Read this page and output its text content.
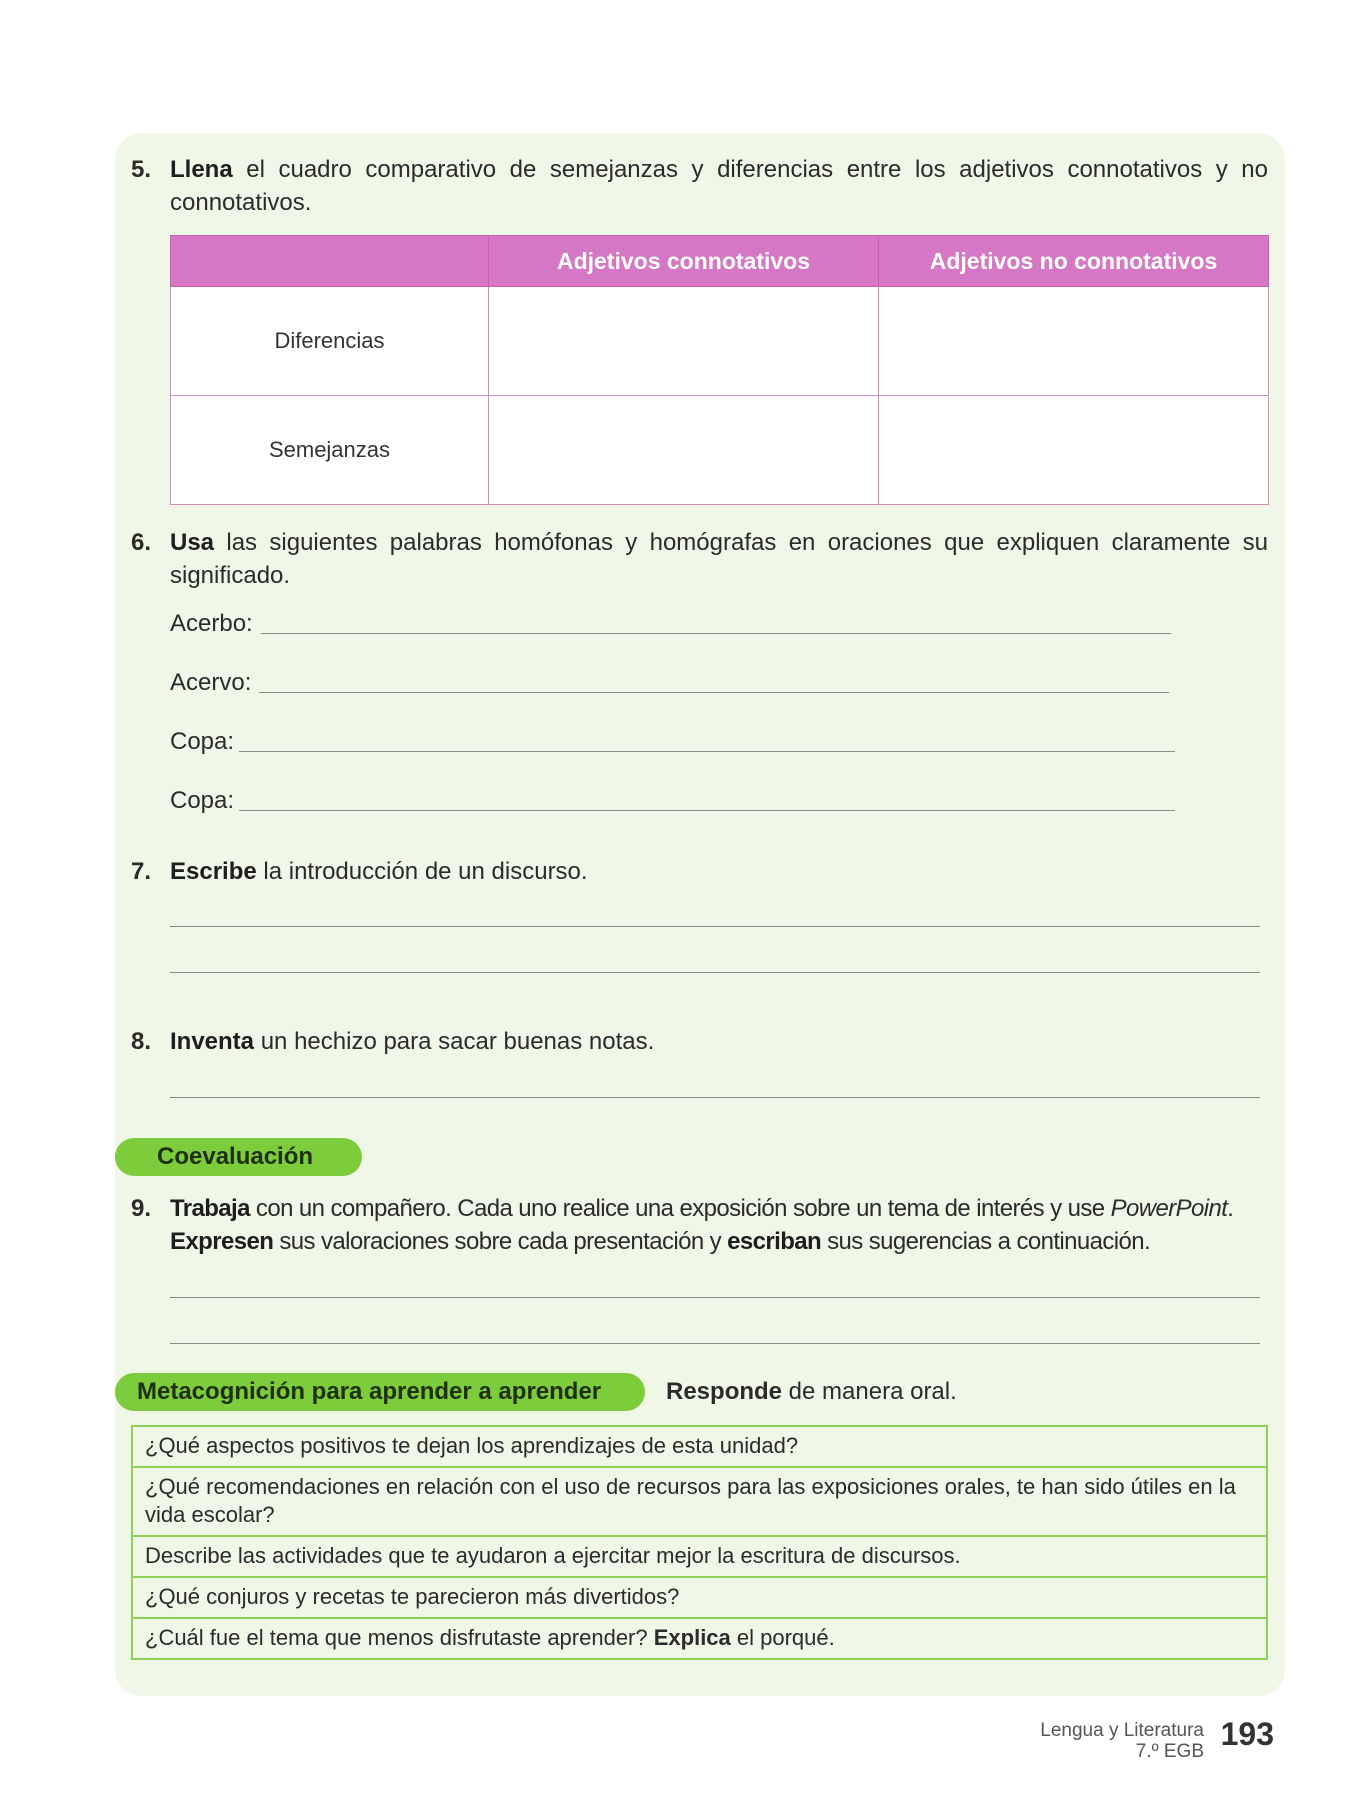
5. Llena el cuadro comparativo de semejanzas y diferencias entre los adjetivos connotativos y no connotativos.
	Adjetivos connotativos	Adjetivos no connotativos
Diferencias		
Semejanzas		
6. Usa las siguientes palabras homófonas y homógrafas en oraciones que expliquen claramente su significado.
Acerbo:
Acervo:
Copa:
Copa:
7. Escribe la introducción de un discurso.
8. Inventa un hechizo para sacar buenas notas.
Coevaluación
9. Trabaja con un compañero. Cada uno realice una exposición sobre un tema de interés y use PowerPoint.
Expresen sus valoraciones sobre cada presentación y escriban sus sugerencias a continuación.
Metacognición para aprender a aprender	Responde de manera oral.
¿Qué aspectos positivos te dejan los aprendizajes de esta unidad?
¿Qué recomendaciones en relación con el uso de recursos para las exposiciones orales, te han sido útiles en la vida escolar?
Describe las actividades que te ayudaron a ejercitar mejor la escritura de discursos.
¿Qué conjuros y recetas te parecieron más divertidos?
¿Cuál fue el tema que menos disfrutaste aprender? Explica el porqué.
Lengua y Literatura
7.º EGB 193
